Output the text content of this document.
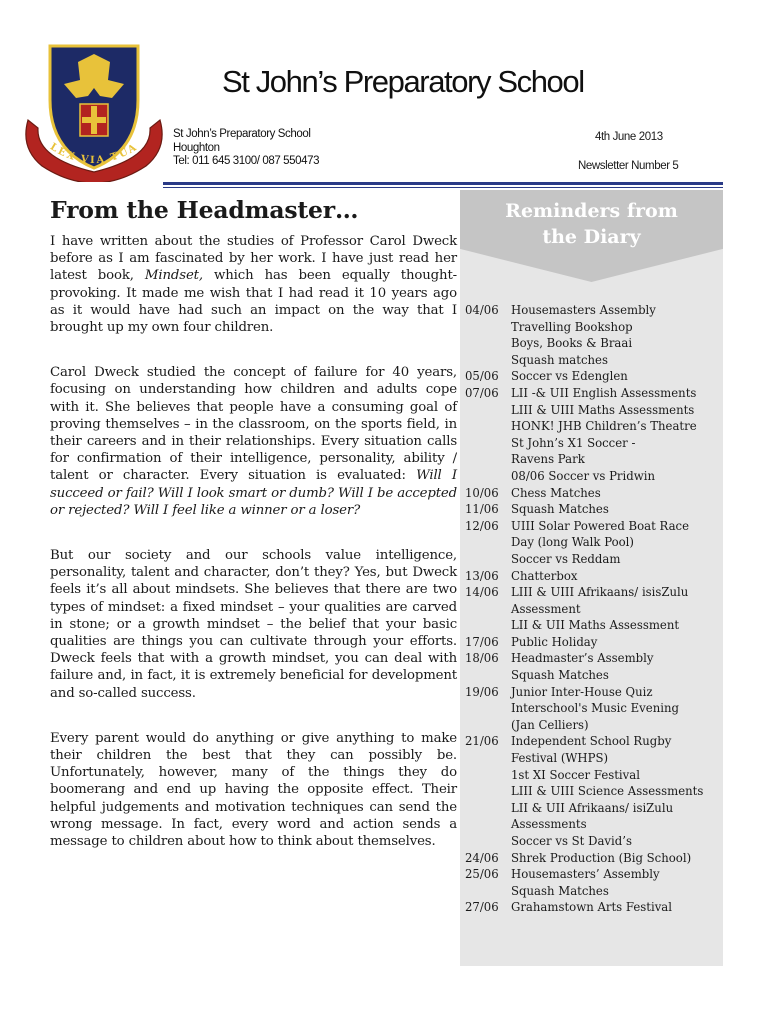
LEX VIA TUA
St John’s Preparatory School
St John’s Preparatory School
Houghton
Tel: 011 645 3100/ 087 550473
4th June 2013
Newsletter Number 5
From the Headmaster…

I have written about the studies of Professor Carol Dweck before as I am fascinated by her work. I have just read her latest book, Mindset, which has been equally thought-provoking. It made me wish that I had read it 10 years ago as it would have had such an impact on the way that I brought up my own four children.

Carol Dweck studied the concept of failure for 40 years, focusing on understanding how children and adults cope with it. She believes that people have a consuming goal of proving themselves – in the classroom, on the sports field, in their careers and in their relationships. Every situation calls for confirmation of their intelligence, personality, ability / talent or character. Every situation is evaluated: Will I succeed or fail? Will I look smart or dumb? Will I be accepted or rejected? Will I feel like a winner or a loser?

But our society and our schools value intelligence, personality, talent and character, don’t they? Yes, but Dweck feels it’s all about mindsets. She believes that there are two types of mindset: a fixed mindset – your qualities are carved in stone; or a growth mindset – the belief that your basic qualities are things you can cultivate through your efforts. Dweck feels that with a growth mindset, you can deal with failure and, in fact, it is extremely beneficial for development and so-called success.

Every parent would do anything or give anything to make their children the best that they can possibly be. Unfortunately, however, many of the things they do boomerang and end up having the opposite effect. Their helpful judgements and motivation techniques can send the wrong message. In fact, every word and action sends a message to children about how to think about themselves.

Reminders from
the Diary
04/06 Housemasters Assembly
Travelling Bookshop
Boys, Books & Braai
Squash matches
05/06 Soccer vs Edenglen
07/06 LII -& UII English Assessments
LIII & UIII Maths Assessments
HONK! JHB Children’s Theatre
St John’s X1 Soccer -
Ravens Park
08/06 Soccer vs Pridwin
10/06 Chess Matches
11/06 Squash Matches
12/06 UIII Solar Powered Boat Race
Day (long Walk Pool)
Soccer vs Reddam
13/06 Chatterbox
14/06 LIII & UIII Afrikaans/ isisZulu
Assessment
LII & UII Maths Assessment
17/06 Public Holiday
18/06 Headmaster’s Assembly
Squash Matches
19/06 Junior Inter-House Quiz
Interschool's Music Evening
(Jan Celliers)
21/06 Independent School Rugby
Festival (WHPS)
1st XI Soccer Festival
LIII & UIII Science Assessments
LII & UII Afrikaans/ isiZulu
Assessments
Soccer vs St David’s
24/06 Shrek Production (Big School)
25/06 Housemasters’ Assembly
Squash Matches
27/06 Grahamstown Arts Festival
